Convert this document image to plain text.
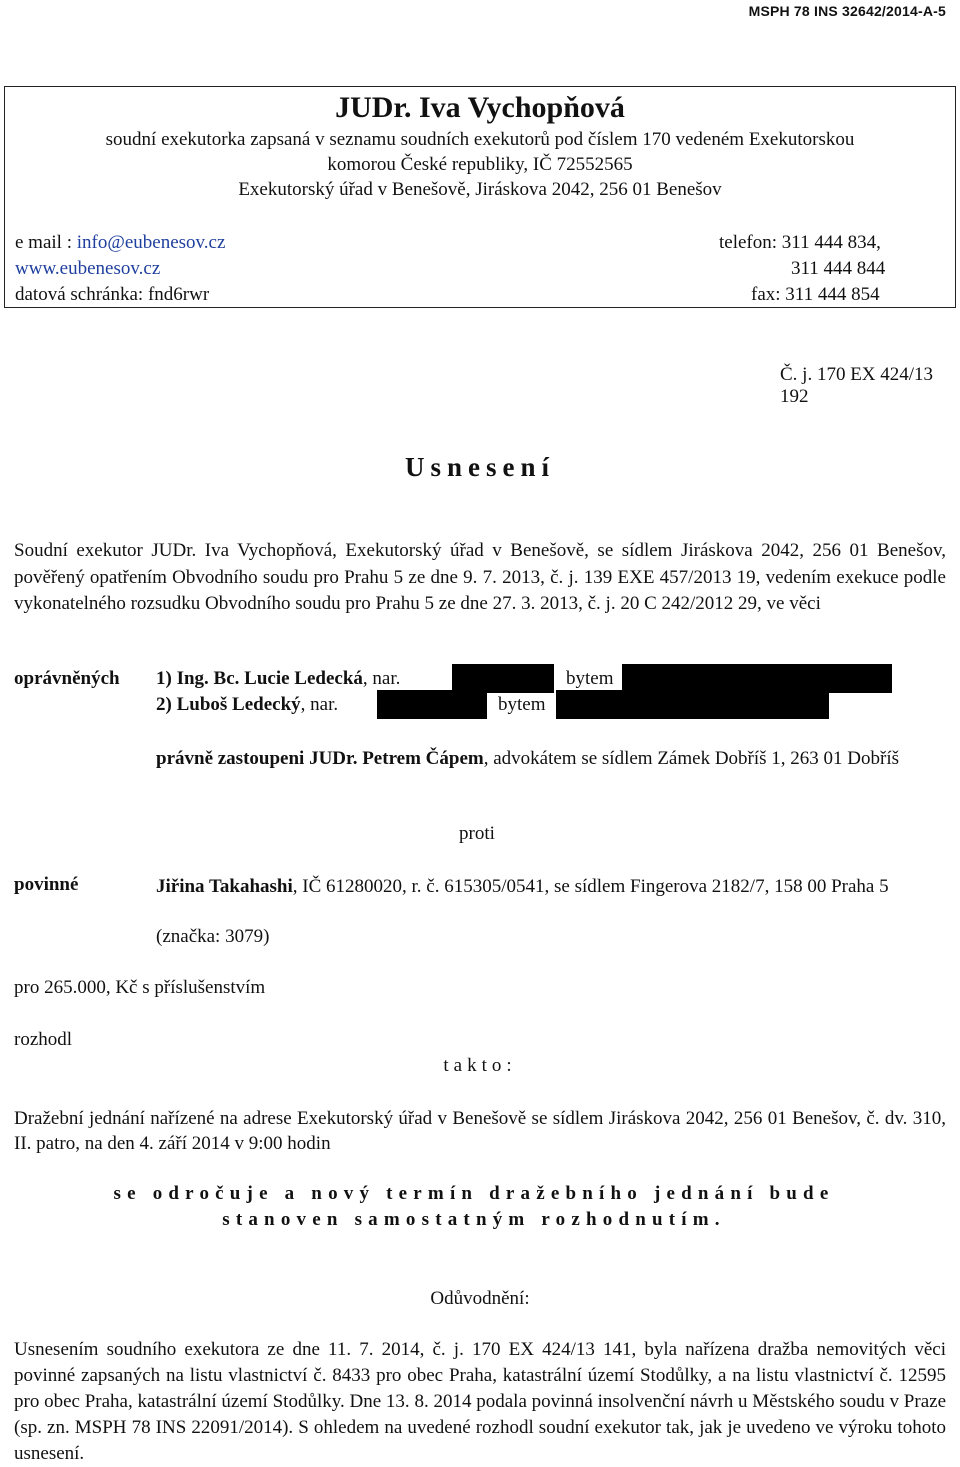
MSPH 78 INS 32642/2014-A-5
JUDr. Iva Vychopňová
soudní exekutorka zapsaná v seznamu soudních exekutorů pod číslem 170 vedeném Exekutorskou
komorou České republiky, IČ 72552565
Exekutorský úřad v Benešově, Jiráskova 2042, 256 01 Benešov
e mail : info@eubenesov.cz
www.eubenesov.cz
datová schránka: fnd6rwr
telefon: 311 444 834,
311 444 844
fax: 311 444 854
Č. j. 170 EX 424/13 192
Usnesení
Soudní exekutor JUDr. Iva Vychopňová, Exekutorský úřad v Benešově, se sídlem Jiráskova 2042, 256 01 Benešov, pověřený opatřením Obvodního soudu pro Prahu 5 ze dne 9. 7. 2013, č. j. 139 EXE 457/2013 19, vedením exekuce podle vykonatelného rozsudku Obvodního soudu pro Prahu 5 ze dne 27. 3. 2013, č. j. 20 C 242/2012 29, ve věci
oprávněných 1) Ing. Bc. Lucie Ledecká, nar.	bytem
2) Luboš Ledecký, nar.	bytem
právně zastoupeni JUDr. Petrem Čápem, advokátem se sídlem Zámek Dobříš 1, 263 01 Dobříš
proti
povinné	Jiřina Takahashi, IČ 61280020, r. č. 615305/0541, se sídlem Fingerova 2182/7, 158 00 Praha 5
(značka: 3079)
pro 265.000, Kč s příslušenstvím
rozhodl
takto:
Dražební jednání nařízené na adrese Exekutorský úřad v Benešově se sídlem Jiráskova 2042, 256 01 Benešov, č. dv. 310, II. patro, na den 4. září 2014 v 9:00 hodin
se odročuje a nový termín dražebního jednání bude
stanoven samostatným rozhodnutím.
Odůvodnění:
Usnesením soudního exekutora ze dne 11. 7. 2014, č. j. 170 EX 424/13 141, byla nařízena dražba nemovitých věci povinné zapsaných na listu vlastnictví č. 8433 pro obec Praha, katastrální území Stodůlky, a na listu vlastnictví č. 12595 pro obec Praha, katastrální území Stodůlky. Dne 13. 8. 2014 podala povinná insolvenční návrh u Městského soudu v Praze (sp. zn. MSPH 78 INS 22091/2014). S ohledem na uvedené rozhodl soudní exekutor tak, jak je uvedeno ve výroku tohoto usnesení.
